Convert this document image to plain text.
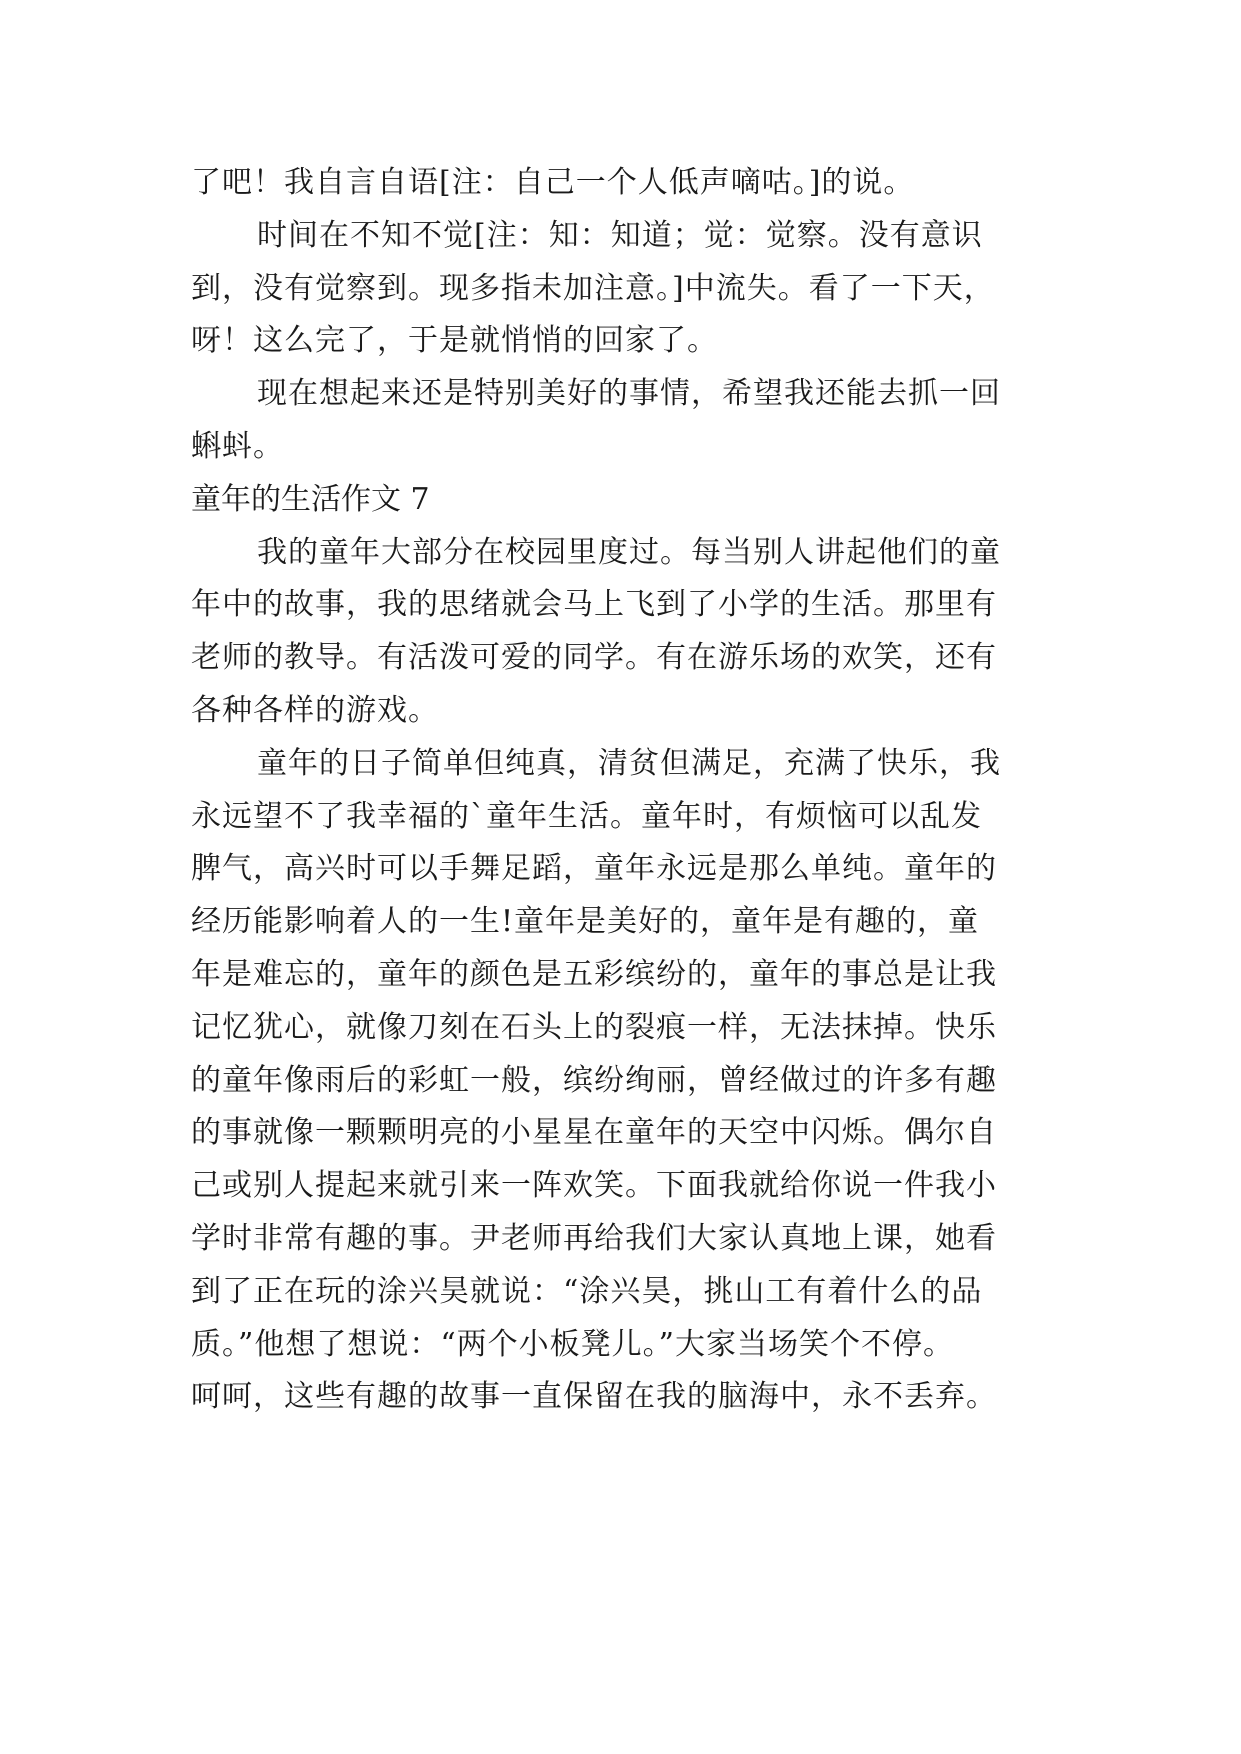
了吧！我自言自语[注：自己一个人低声嘀咕。]的说。
时间在不知不觉[注：知：知道；觉：觉察。没有意识
到，没有觉察到。现多指未加注意。]中流失。看了一下天，
呀！这么完了，于是就悄悄的回家了。
现在想起来还是特别美好的事情，希望我还能去抓一回
蝌蚪。
童年的生活作文 7
我的童年大部分在校园里度过。每当别人讲起他们的童
年中的故事，我的思绪就会马上飞到了小学的生活。那里有
老师的教导。有活泼可爱的同学。有在游乐场的欢笑，还有
各种各样的游戏。
童年的日子简单但纯真，清贫但满足，充满了快乐，我
永远望不了我幸福的`童年生活。童年时，有烦恼可以乱发
脾气，高兴时可以手舞足蹈，童年永远是那么单纯。童年的
经历能影响着人的一生!童年是美好的，童年是有趣的，童
年是难忘的，童年的颜色是五彩缤纷的，童年的事总是让我
记忆犹心，就像刀刻在石头上的裂痕一样，无法抹掉。快乐
的童年像雨后的彩虹一般，缤纷绚丽，曾经做过的许多有趣
的事就像一颗颗明亮的小星星在童年的天空中闪烁。偶尔自
己或别人提起来就引来一阵欢笑。下面我就给你说一件我小
学时非常有趣的事。尹老师再给我们大家认真地上课，她看
到了正在玩的涂兴昊就说：“涂兴昊，挑山工有着什么的品
质。”他想了想说：“两个小板凳儿。”大家当场笑个不停。
呵呵，这些有趣的故事一直保留在我的脑海中，永不丢弃。
